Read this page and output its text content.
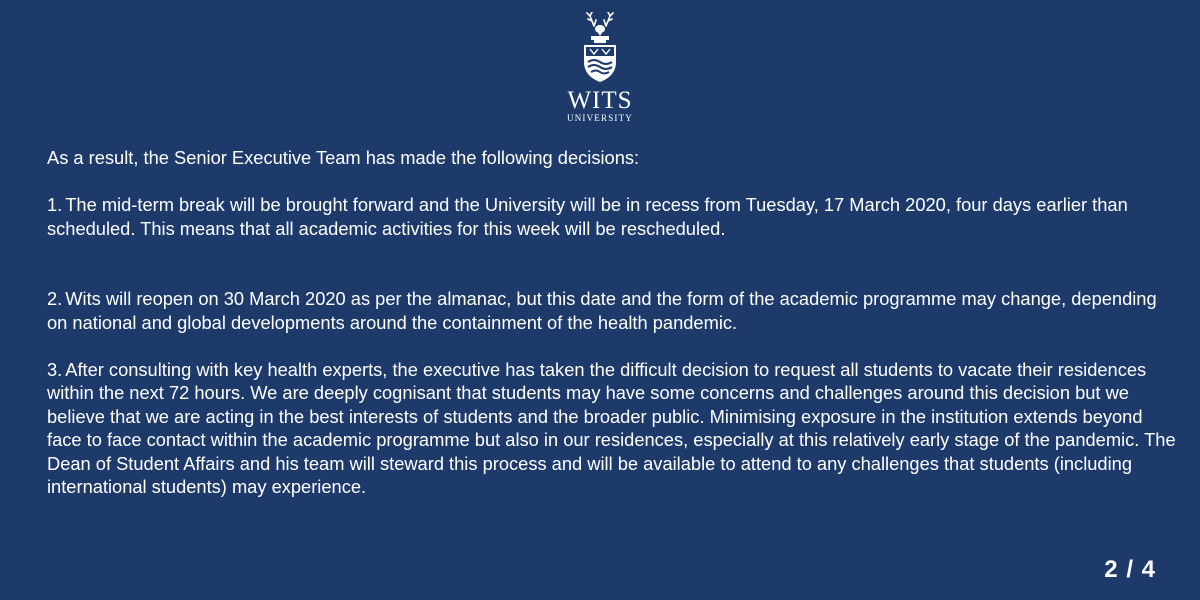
WITS
UNIVERSITY

As a result, the Senior Executive Team has made the following decisions:

1. The mid-term break will be brought forward and the University will be in recess from Tuesday, 17 March 2020, four days earlier than scheduled. This means that all academic activities for this week will be rescheduled.

2. Wits will reopen on 30 March 2020 as per the almanac, but this date and the form of the academic programme may change, depending on national and global developments around the containment of the health pandemic.

3. After consulting with key health experts, the executive has taken the difficult decision to request all students to vacate their residences within the next 72 hours. We are deeply cognisant that students may have some concerns and challenges around this decision but we believe that we are acting in the best interests of students and the broader public. Minimising exposure in the institution extends beyond face to face contact within the academic programme but also in our residences, especially at this relatively early stage of the pandemic. The Dean of Student Affairs and his team will steward this process and will be available to attend to any challenges that students (including international students) may experience.

2 / 4
